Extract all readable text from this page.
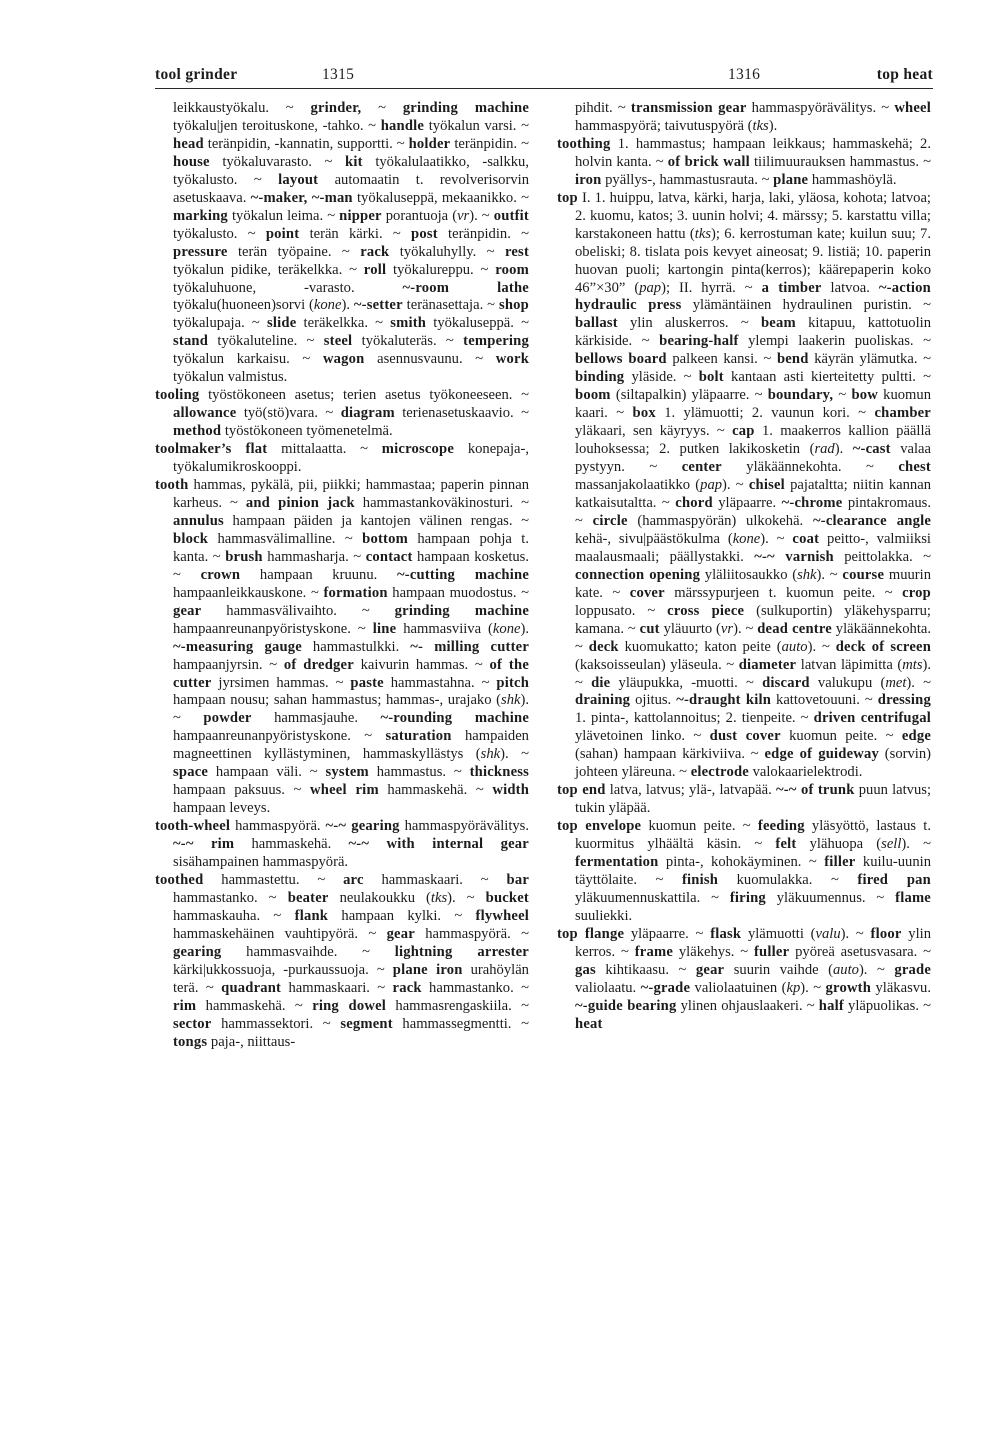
tool grinder	1315	1316	top heat

leikkaustyökalu. ~ grinder, ~ grinding machine työkalu|jen teroituskone, -tahko. ~ handle työkalun varsi. ~ head teränpidin, -kannatin, supportti. ~ holder teränpidin. ~ house työkaluvarasto. ~ kit työkalulaatikko, -salkku, työkalusto. ~ layout automaatin t. revolverisorvin asetuskaava. ~-maker, ~-man työkaluseppä, mekaanikko. ~ marking työkalun leima. ~ nipper porantuoja (vr). ~ outfit työkalusto. ~ point terän kärki. ~ post teränpidin. ~ pressure terän työpaine. ~ rack työkaluhylly. ~ rest työkalun pidike, teräkelkka. ~ roll työkalureppu. ~ room työkaluhuone, -varasto. ~-room lathe työkalu(huoneen)sorvi (kone). ~-setter teränasettaja. ~ shop työkalupaja. ~ slide teräkelkka. ~ smith työkaluseppä. ~ stand työkaluteline. ~ steel työkaluteräs. ~ tempering työkalun karkaisu. ~ wagon asennusvaunu. ~ work työkalun valmistus.

tooling työstökoneen asetus; terien asetus työkoneeseen. ~ allowance työ(stö)vara. ~ diagram terienasetuskaavio. ~ method työstökoneen työmenetelmä.

toolmaker’s flat mittalaatta. ~ microscope konepaja-, työkalumikroskooppi.

tooth hammas, pykälä, pii, piikki; hammastaa; paperin pinnan karheus. ~ and pinion jack hammastankoväkinosturi. ~ annulus hampaan päiden ja kantojen välinen rengas. ~ block hammasvälimalline. ~ bottom hampaan pohja t. kanta. ~ brush hammasharja. ~ contact hampaan kosketus. ~ crown hampaan kruunu. ~-cutting machine hampaanleikkauskone. ~ formation hampaan muodostus. ~ gear hammasvälivaihto. ~ grinding machine hampaanreunanpyöristyskone. ~ line hammasviiva (kone). ~-measuring gauge hammastulkki. ~- milling cutter hampaanjyrsin. ~ of dredger kaivurin hammas. ~ of the cutter jyrsimen hammas. ~ paste hammastahna. ~ pitch hampaan nousu; sahan hammastus; hammas-, urajako (shk). ~ powder hammasjauhe. ~-rounding machine hampaanreunanpyöristyskone. ~ saturation hampaiden magneettinen kyllästyminen, hammaskyllästys (shk). ~ space hampaan väli. ~ system hammastus. ~ thickness hampaan paksuus. ~ wheel rim hammaskehä. ~ width hampaan leveys.

tooth-wheel hammaspyörä. ~-~ gearing hammaspyörävälitys. ~-~ rim hammaskehä. ~-~ with internal gear sisähampainen hammaspyörä.

toothed hammastettu. ~ arc hammaskaari. ~ bar hammastanko. ~ beater neulakoukku (tks). ~ bucket hammaskauha. ~ flank hampaan kylki. ~ flywheel hammaskehäinen vauhtipyörä. ~ gear hammaspyörä. ~ gearing hammasvaihde. ~ lightning arrester kärki|ukkossuoja, -purkaussuoja. ~ plane iron urahöylän terä. ~ quadrant hammaskaari. ~ rack hammastanko. ~ rim hammaskehä. ~ ring dowel hammasrengaskiila. ~ sector hammassektori. ~ segment hammassegmentti. ~ tongs paja-, niittaus-

pihdit. ~ transmission gear hammaspyörävälitys. ~ wheel hammaspyörä; taivutuspyörä (tks).

toothing 1. hammastus; hampaan leikkaus; hammaskehä; 2. holvin kanta. ~ of brick wall tiilimuurauksen hammastus. ~ iron pyällys-, hammastusrauta. ~ plane hammashöylä.

top I. 1. huippu, latva, kärki, harja, laki, yläosa, kohota; latvoa; 2. kuomu, katos; 3. uunin holvi; 4. märssy; 5. karstattu villa; karstakoneen hattu (tks); 6. kerrostuman kate; kuilun suu; 7. obeliski; 8. tislata pois kevyet aineosat; 9. listiä; 10. paperin huovan puoli; kartongin pinta(kerros); käärepaperin koko 46”×30” (pap); II. hyrrä. ~ a timber latvoa. ~-action hydraulic press ylämäntäinen hydraulinen puristin. ~ ballast ylin aluskerros. ~ beam kitapuu, kattotuolin kärkiside. ~ bearing-half ylempi laakerin puoliskas. ~ bellows board palkeen kansi. ~ bend käyrän ylämutka. ~ binding yläside. ~ bolt kantaan asti kierteitetty pultti. ~ boom (siltapalkin) yläpaarre. ~ boundary, ~ bow kuomun kaari. ~ box 1. ylämuotti; 2. vaunun kori. ~ chamber yläkaari, sen käyryys. ~ cap 1. maakerros kallion päällä louhoksessa; 2. putken lakikosketin (rad). ~-cast valaa pystyyn. ~ center yläkäännekohta. ~ chest massanjakolaatikko (pap). ~ chisel pajataltta; niitin kannan katkaisutaltta. ~ chord yläpaarre. ~-chrome pintakromaus. ~ circle (hammaspyörän) ulkokehä. ~-clearance angle kehä-, sivu|päästökulma (kone). ~ coat peitto-, valmiiksi maalausmaali; päällystakki. ~-~ varnish peittolakka. ~ connection opening yläliitosaukko (shk). ~ course muurin kate. ~ cover märssypurjeen t. kuomun peite. ~ crop loppusato. ~ cross piece (sulkuportin) yläkehysparru; kamana. ~ cut yläuurto (vr). ~ dead centre yläkäännekohta. ~ deck kuomukatto; katon peite (auto). ~ deck of screen (kaksoisseulan) yläseula. ~ diameter latvan läpimitta (mts). ~ die yläupukka, -muotti. ~ discard valukupu (met). ~ draining ojitus. ~-draught kiln kattovetouuni. ~ dressing 1. pinta-, kattolannoitus; 2. tienpeite. ~ driven centrifugal ylävetoinen linko. ~ dust cover kuomun peite. ~ edge (sahan) hampaan kärkiviiva. ~ edge of guideway (sorvin) johteen yläreuna. ~ electrode valokaarielektrodi.

top end latva, latvus; ylä-, latvapää. ~-~ of trunk puun latvus; tukin yläpää.

top envelope kuomun peite. ~ feeding yläsyöttö, lastaus t. kuormitus ylhäältä käsin. ~ felt ylähuopa (sell). ~ fermentation pinta-, kohokäyminen. ~ filler kuilu-uunin täyttölaite. ~ finish kuomulakka. ~ fired pan yläkuumennuskattila. ~ firing yläkuumennus. ~ flame suuliekki.

top flange yläpaarre. ~ flask ylämuotti (valu). ~ floor ylin kerros. ~ frame yläkehys. ~ fuller pyöreä asetusvasara. ~ gas kihtikaasu. ~ gear suurin vaihde (auto). ~ grade valiolaatu. ~-grade valiolaatuinen (kp). ~ growth yläkasvu. ~-guide bearing ylinen ohjauslaakeri. ~ half yläpuolikas. ~ heat
